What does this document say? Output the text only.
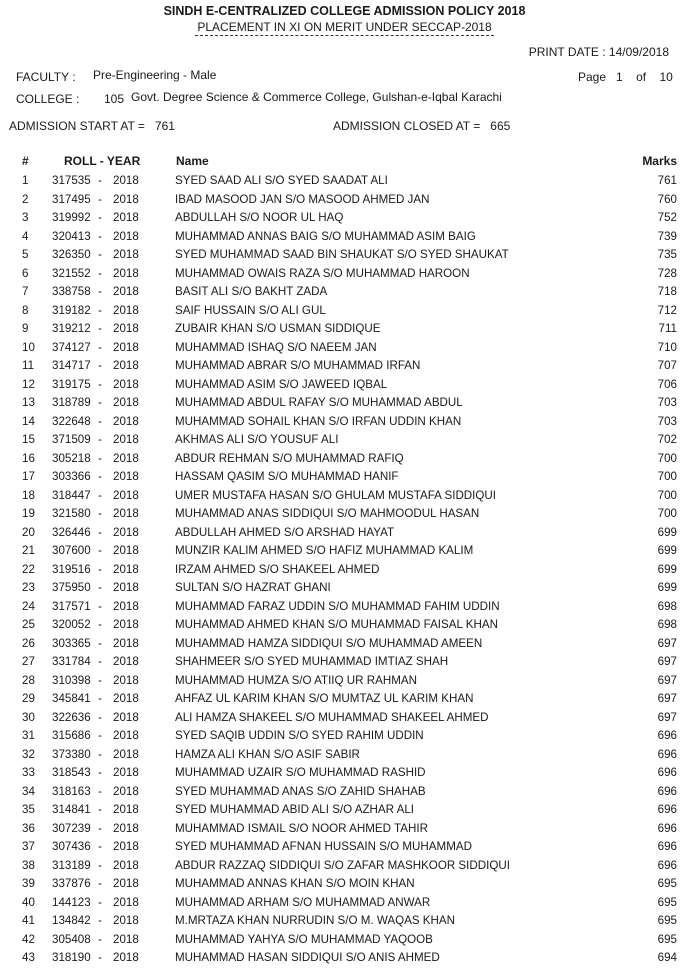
SINDH E-CENTRALIZED COLLEGE ADMISSION POLICY 2018
PLACEMENT IN XI ON MERIT UNDER SECCAP-2018
PRINT DATE : 14/09/2018
FACULTY : Pre-Engineering - Male	Page 1 of 10
COLLEGE : 105 Govt. Degree Science & Commerce College, Gulshan-e-Iqbal Karachi
ADMISSION START AT =   761	ADMISSION CLOSED AT =   665
#	ROLL - YEAR	Name	Marks
1 317535 - 2018	SYED SAAD ALI S/O SYED SAADAT ALI	761
2 317495 - 2018	IBAD MASOOD JAN S/O MASOOD AHMED JAN	760
3 319992 - 2018	ABDULLAH S/O NOOR UL HAQ	752
4 320413 - 2018	MUHAMMAD ANNAS BAIG S/O MUHAMMAD ASIM BAIG	739
5 326350 - 2018	SYED MUHAMMAD SAAD BIN SHAUKAT S/O SYED SHAUKAT	735
6 321552 - 2018	MUHAMMAD OWAIS RAZA S/O MUHAMMAD HAROON	728
7 338758 - 2018	BASIT ALI S/O BAKHT ZADA	718
8 319182 - 2018	SAIF HUSSAIN S/O ALI GUL	712
9 319212 - 2018	ZUBAIR KHAN S/O USMAN SIDDIQUE	711
10 374127 - 2018	MUHAMMAD ISHAQ S/O NAEEM JAN	710
11 314717 - 2018	MUHAMMAD ABRAR S/O MUHAMMAD IRFAN	707
12 319175 - 2018	MUHAMMAD ASIM S/O JAWEED IQBAL	706
13 318789 - 2018	MUHAMMAD ABDUL RAFAY S/O MUHAMMAD ABDUL	703
14 322648 - 2018	MUHAMMAD SOHAIL KHAN S/O IRFAN UDDIN KHAN	703
15 371509 - 2018	AKHMAS ALI S/O YOUSUF ALI	702
16 305218 - 2018	ABDUR REHMAN S/O MUHAMMAD RAFIQ	700
17 303366 - 2018	HASSAM QASIM S/O MUHAMMAD HANIF	700
18 318447 - 2018	UMER MUSTAFA HASAN S/O GHULAM MUSTAFA SIDDIQUI	700
19 321580 - 2018	MUHAMMAD ANAS SIDDIQUI S/O MAHMOODUL HASAN	700
20 326446 - 2018	ABDULLAH AHMED S/O ARSHAD HAYAT	699
21 307600 - 2018	MUNZIR KALIM AHMED S/O HAFIZ MUHAMMAD KALIM	699
22 319516 - 2018	IRZAM AHMED S/O SHAKEEL AHMED	699
23 375950 - 2018	SULTAN S/O HAZRAT GHANI	699
24 317571 - 2018	MUHAMMAD FARAZ UDDIN S/O MUHAMMAD FAHIM UDDIN	698
25 320052 - 2018	MUHAMMAD AHMED KHAN S/O MUHAMMAD FAISAL KHAN	698
26 303365 - 2018	MUHAMMAD HAMZA SIDDIQUI S/O MUHAMMAD AMEEN	697
27 331784 - 2018	SHAHMEER S/O SYED MUHAMMAD IMTIAZ SHAH	697
28 310398 - 2018	MUHAMMAD HUMZA S/O ATIIQ UR RAHMAN	697
29 345841 - 2018	AHFAZ UL KARIM KHAN S/O MUMTAZ UL KARIM KHAN	697
30 322636 - 2018	ALI HAMZA SHAKEEL S/O MUHAMMAD SHAKEEL AHMED	697
31 315686 - 2018	SYED SAQIB UDDIN S/O SYED RAHIM UDDIN	696
32 373380 - 2018	HAMZA ALI KHAN S/O ASIF SABIR	696
33 318543 - 2018	MUHAMMAD UZAIR S/O MUHAMMAD RASHID	696
34 318163 - 2018	SYED MUHAMMAD ANAS S/O ZAHID SHAHAB	696
35 314841 - 2018	SYED MUHAMMAD ABID ALI S/O AZHAR ALI	696
36 307239 - 2018	MUHAMMAD ISMAIL S/O NOOR AHMED TAHIR	696
37 307436 - 2018	SYED MUHAMMAD AFNAN HUSSAIN S/O MUHAMMAD	696
38 313189 - 2018	ABDUR RAZZAQ SIDDIQUI S/O ZAFAR MASHKOOR SIDDIQUI	696
39 337876 - 2018	MUHAMMAD ANNAS KHAN S/O MOIN KHAN	695
40 144123 - 2018	MUHAMMAD ARHAM S/O MUHAMMAD ANWAR	695
41 134842 - 2018	M.MRTAZA KHAN NURRUDIN S/O M. WAQAS KHAN	695
42 305408 - 2018	MUHAMMAD YAHYA S/O MUHAMMAD YAQOOB	695
43 318190 - 2018	MUHAMMAD HASAN SIDDIQUI S/O ANIS AHMED	694
